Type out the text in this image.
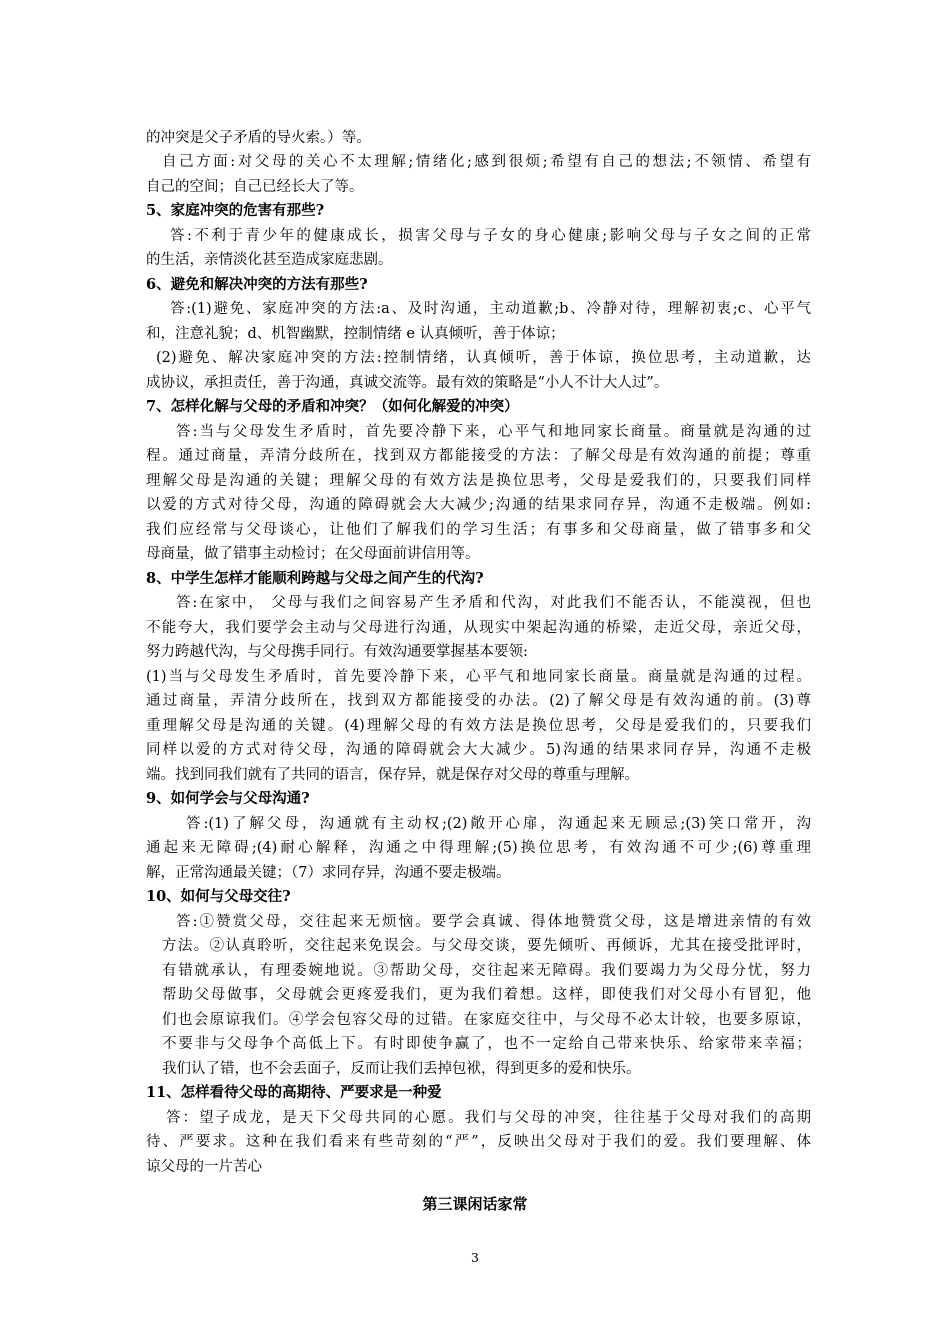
的冲突是父子矛盾的导火索。）等。
自己方面:对父母的关心不太理解;情绪化;感到很烦;希望有自己的想法;不领情、希望有
自己的空间；自己已经长大了等。
5、家庭冲突的危害有那些?
答:不利于青少年的健康成长，损害父母与子女的身心健康;影响父母与子女之间的正常
的生活，亲情淡化甚至造成家庭悲剧。
6、避免和解决冲突的方法有那些?
答:(1)避免、家庭冲突的方法:a、及时沟通，主动道歉;b、冷静对待，理解初衷;c、心平气
和，注意礼貌；d、机智幽默，控制情绪 e 认真倾听，善于体谅；
(2)避免、解决家庭冲突的方法:控制情绪，认真倾听，善于体谅，换位思考，主动道歉，达
成协议，承担责任，善于沟通，真诚交流等。最有效的策略是“小人不计大人过”。
7、怎样化解与父母的矛盾和冲突？（如何化解爱的冲突）
答:当与父母发生矛盾时，首先要冷静下来，心平气和地同家长商量。商量就是沟通的过
程。通过商量，弄清分歧所在，找到双方都能接受的方法：了解父母是有效沟通的前提；尊重
理解父母是沟通的关键；理解父母的有效方法是换位思考，父母是爱我们的，只要我们同样
以爱的方式对待父母，沟通的障碍就会大大减少;沟通的结果求同存异，沟通不走极端。例如:
我们应经常与父母谈心，让他们了解我们的学习生活；有事多和父母商量，做了错事多和父
母商量，做了错事主动检讨；在父母面前讲信用等。
8、中学生怎样才能顺利跨越与父母之间产生的代沟?
答:在家中， 父母与我们之间容易产生矛盾和代沟，对此我们不能否认，不能漠视，但也
不能夸大，我们要学会主动与父母进行沟通，从现实中架起沟通的桥梁，走近父母，亲近父母，
努力跨越代沟，与父母携手同行。有效沟通要掌握基本要领:
(1)当与父母发生矛盾时，首先要冷静下来，心平气和地同家长商量。商量就是沟通的过程。
通过商量，弄清分歧所在，找到双方都能接受的办法。(2)了解父母是有效沟通的前。(3)尊
重理解父母是沟通的关键。(4)理解父母的有效方法是换位思考，父母是爱我们的，只要我们
同样以爱的方式对待父母，沟通的障碍就会大大减少。5)沟通的结果求同存异，沟通不走极
端。找到同我们就有了共同的语言，保存异，就是保存对父母的尊重与理解。
9、如何学会与父母沟通?
答:(1)了解父母，沟通就有主动权;(2)敞开心扉，沟通起来无顾忌;(3)笑口常开，沟
通起来无障碍;(4)耐心解释，沟通之中得理解;(5)换位思考，有效沟通不可少;(6)尊重理
解，正常沟通最关键；（7）求同存异，沟通不要走极端。
10、如何与父母交往?
答:①赞赏父母，交往起来无烦恼。要学会真诚、得体地赞赏父母，这是增进亲情的有效
方法。②认真聆听，交往起来免误会。与父母交谈，要先倾听、再倾诉，尤其在接受批评时，
有错就承认，有理委婉地说。③帮助父母，交往起来无障碍。我们要竭力为父母分忧，努力
帮助父母做事，父母就会更疼爱我们，更为我们着想。这样，即使我们对父母小有冒犯，他
们也会原谅我们。④学会包容父母的过错。在家庭交往中，与父母不必太计较，也要多原谅，
不要非与父母争个高低上下。有时即使争赢了，也不一定给自己带来快乐、给家带来幸福；
我们认了错，也不会丢面子，反而让我们丢掉包袱，得到更多的爱和快乐。
11、怎样看待父母的高期待、严要求是一种爱
答：望子成龙，是天下父母共同的心愿。我们与父母的冲突，往往基于父母对我们的高期
待、严要求。这种在我们看来有些苛刻的“严”，反映出父母对于我们的爱。我们要理解、体
谅父母的一片苦心
第三课闲话家常
3
